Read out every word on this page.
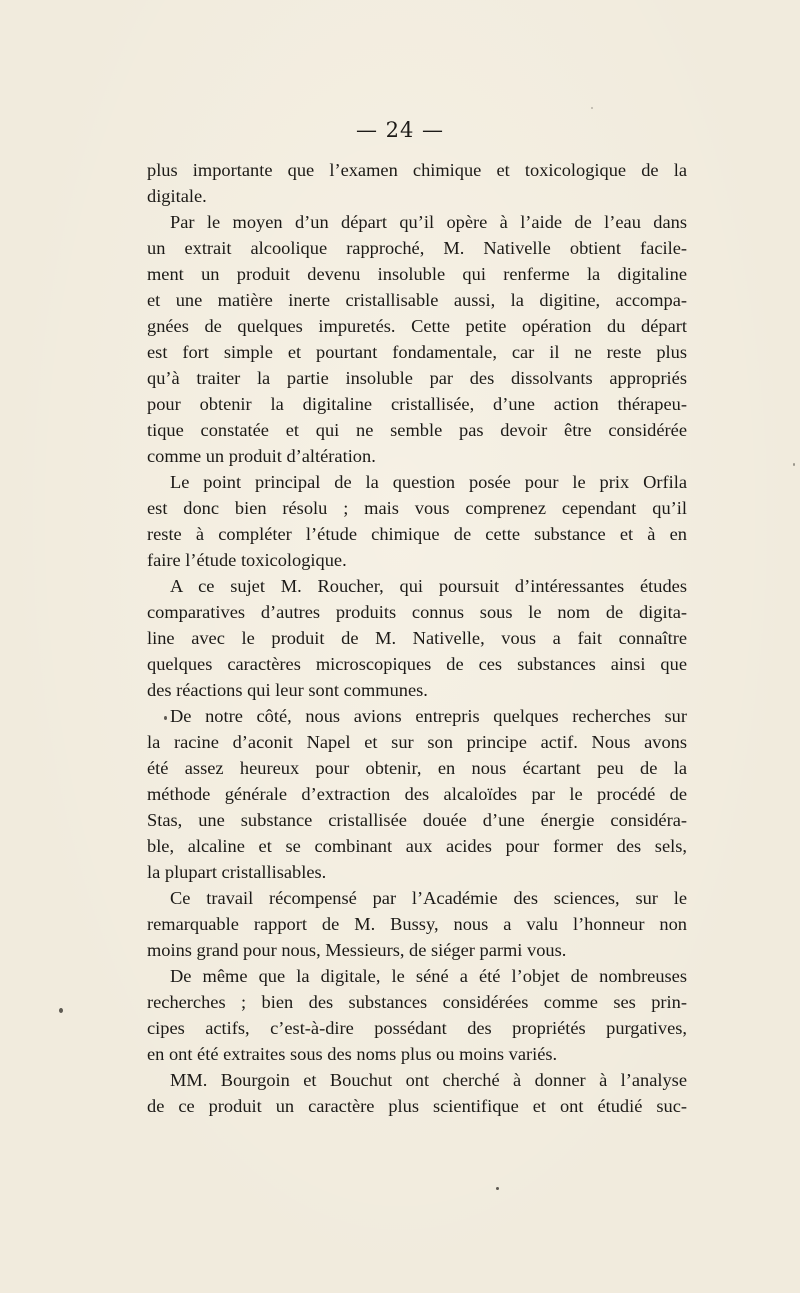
— 24 —
plus importante que l’examen chimique et toxicologique de la
digitale.
Par le moyen d’un départ qu’il opère à l’aide de l’eau dans
un extrait alcoolique rapproché, M. Nativelle obtient facile-
ment un produit devenu insoluble qui renferme la digitaline
et une matière inerte cristallisable aussi, la digitine, accompa-
gnées de quelques impuretés. Cette petite opération du départ
est fort simple et pourtant fondamentale, car il ne reste plus
qu’à traiter la partie insoluble par des dissolvants appropriés
pour obtenir la digitaline cristallisée, d’une action thérapeu-
tique constatée et qui ne semble pas devoir être considérée
comme un produit d’altération.
Le point principal de la question posée pour le prix Orfila
est donc bien résolu ; mais vous comprenez cependant qu’il
reste à compléter l’étude chimique de cette substance et à en
faire l’étude toxicologique.
A ce sujet M. Roucher, qui poursuit d’intéressantes études
comparatives d’autres produits connus sous le nom de digita-
line avec le produit de M. Nativelle, vous a fait connaître
quelques caractères microscopiques de ces substances ainsi que
des réactions qui leur sont communes.
De notre côté, nous avions entrepris quelques recherches sur
la racine d’aconit Napel et sur son principe actif. Nous avons
été assez heureux pour obtenir, en nous écartant peu de la
méthode générale d’extraction des alcaloïdes par le procédé de
Stas, une substance cristallisée douée d’une énergie considéra-
ble, alcaline et se combinant aux acides pour former des sels,
la plupart cristallisables.
Ce travail récompensé par l’Académie des sciences, sur le
remarquable rapport de M. Bussy, nous a valu l’honneur non
moins grand pour nous, Messieurs, de siéger parmi vous.
De même que la digitale, le séné a été l’objet de nombreuses
recherches ; bien des substances considérées comme ses prin-
cipes actifs, c’est-à-dire possédant des propriétés purgatives,
en ont été extraites sous des noms plus ou moins variés.
MM. Bourgoin et Bouchut ont cherché à donner à l’analyse
de ce produit un caractère plus scientifique et ont étudié suc-
